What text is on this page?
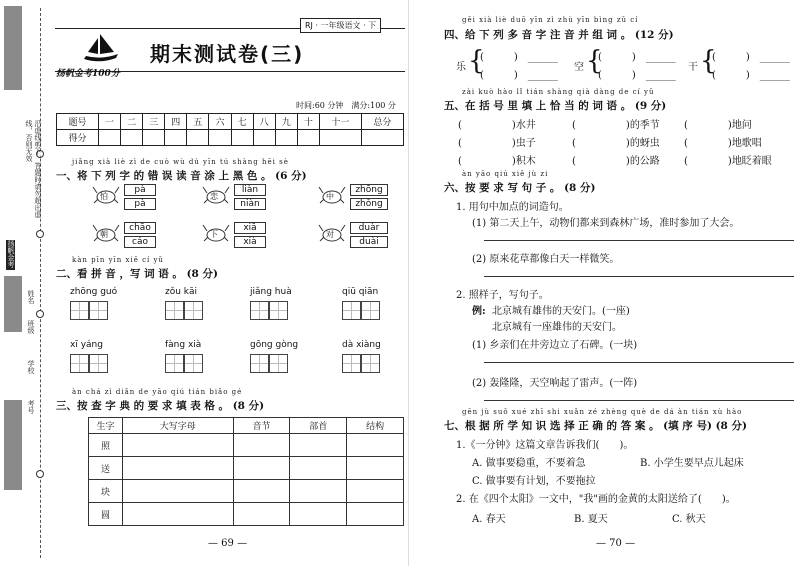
沿虚线剪下，答题时请勿超出虚线，否则无效
扬帆金考
学校
班级
姓名
考号
扬帆金考100分
期末测试卷(三)
RJ · 一年级语文 · 下
时间:60 分钟　满分:100 分
题号	一	二	三	四	五	六	七	八	九	十	十一	总分
得分												
jiǎng xià liè zì de cuò wù dú yīn tú shàng hēi sè
一、将 下 列 字 的 错 误 读 音 涂 上 黑 色 。 (6 分)
怕
pà
pà
恋
liàn
niàn
中
zhōng
zhǒng
朝
chāo
cáo
下
xiā
xià
对
duàr
duài
kàn pīn yīn xiě cí yǔ
二、看 拼 音 ，写 词 语 。 (8 分)
zhōng guó	zǒu kāi	jiǎng huà	qiū qiān
xī yáng	fàng xià	gōng gòng	dà xiàng
àn chá zì diǎn de yāo qiú tián biǎo gé
三、按 查 字 典 的 要 求 填 表 格 。 (8 分)
生字	大写字母	音节	部首	结构
照				
送				
块				
圆				
— 69 —
gěi xià liè duō yīn zì zhù yīn bìng zǔ cí
四、给 下 列 多 音 字 注 音 并 组 词 。 (12 分)
乐 {
(　　　)　______
(　　　)　______
空 {
(　　　)　______
(　　　)　______
干 {
(　　　)　______
(　　　)　______
zài kuò hào lǐ tián shàng qià dàng de cí yǔ
五、在 括 号 里 填 上 恰 当 的 词 语 。 (9 分)
(　　　　　)水井	(　　　　　)的季节 (　　　　)地问
(　　　　　)虫子	(　　　　　)的蚜虫 (　　　　)地歌唱
(　　　　　)积木	(　　　　　)的公路 (　　　　)地眨着眼
àn yāo qiú xiě jù zi
六、按 要 求 写 句 子 。 (8 分)
1. 用句中加点的词造句。
(1) 第二天上午，动物们都来到森林广场，准时参加了大会。
(2) 原来花草都像白天一样微笑。
2. 照样子，写句子。
例: 北京城有雄伟的天安门。(一座)
北京城有一座雄伟的天安门。
(1) 乡亲们在井旁边立了石碑。(一块)
(2) 轰隆隆，天空响起了雷声。(一阵)
gēn jù suǒ xué zhī shi xuǎn zé zhèng què de dá àn tián xù hào
七、根 据 所 学 知 识 选 择 正 确 的 答 案 。 (填 序 号) (8 分)
1.《一分钟》这篇文章告诉我们(　　)。
A. 做事要稳重，不要着急	B. 小学生要早点儿起床
C. 做事要有计划，不要拖拉
2. 在《四个太阳》一文中，"我"画的金黄的太阳送给了(　　)。
A. 春天	B. 夏天	C. 秋天
— 70 —
